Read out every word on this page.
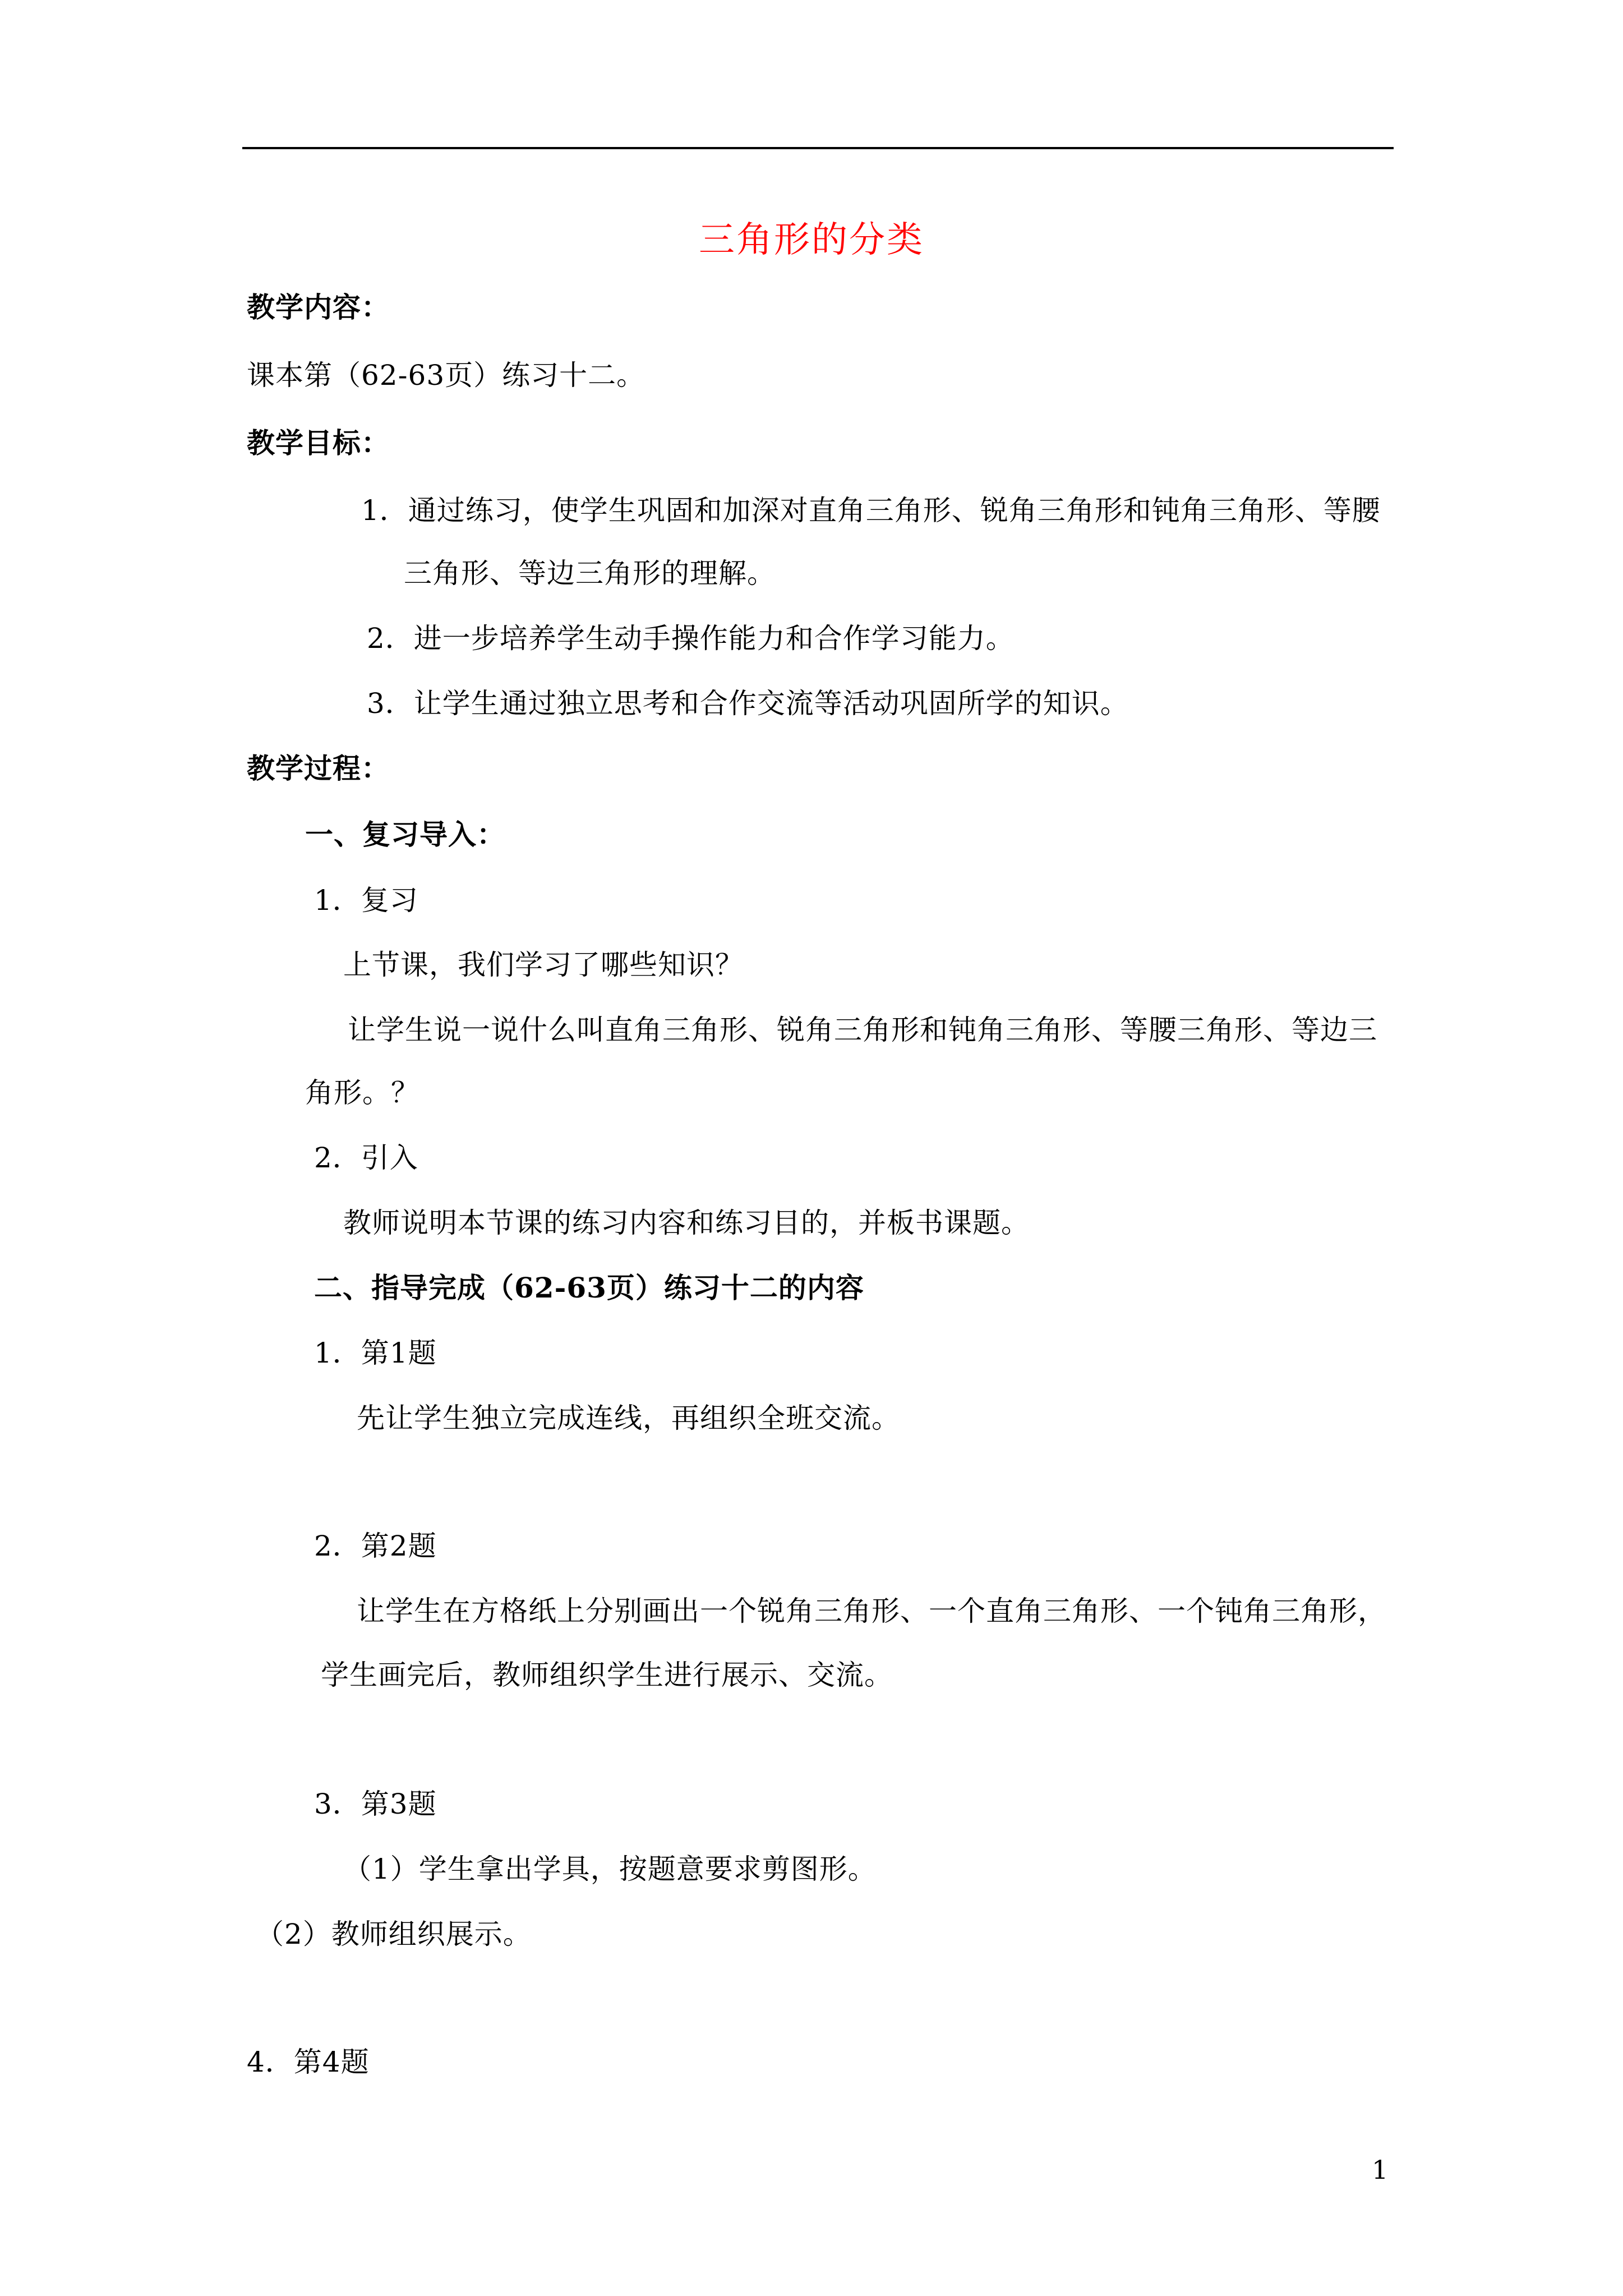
三角形的分类
教学内容：
课本第（62-63页）练习十二。
教学目标：
1．通过练习，使学生巩固和加深对直角三角形、锐角三角形和钝角三角形、等腰
三角形、等边三角形的理解。
2．进一步培养学生动手操作能力和合作学习能力。
3．让学生通过独立思考和合作交流等活动巩固所学的知识。
教学过程：
一、复习导入：
1．复习
上节课，我们学习了哪些知识？
让学生说一说什么叫直角三角形、锐角三角形和钝角三角形、等腰三角形、等边三
角形。？
2．引入
教师说明本节课的练习内容和练习目的，并板书课题。
二、指导完成（62-63页）练习十二的内容
1．第1题
先让学生独立完成连线，再组织全班交流。
2．第2题
让学生在方格纸上分别画出一个锐角三角形、一个直角三角形、一个钝角三角形，
学生画完后，教师组织学生进行展示、交流。
3．第3题
（1）学生拿出学具，按题意要求剪图形。
（2）教师组织展示。
4．第4题
1
